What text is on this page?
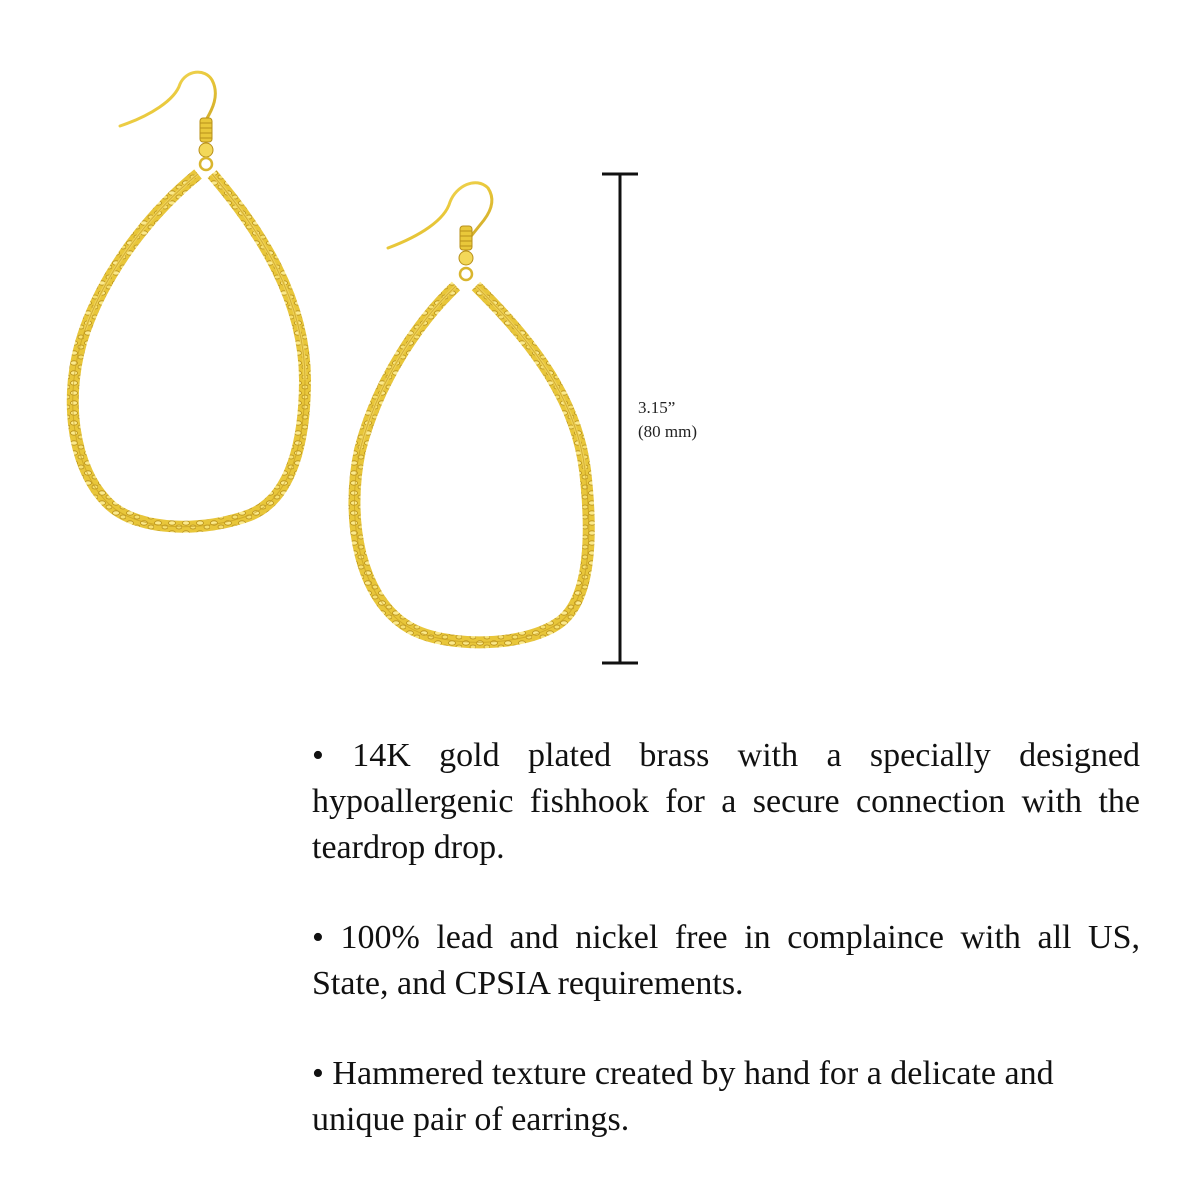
3.15”
(80 mm)

• 14K gold plated brass with a specially designed hypoallergenic fishhook for a secure connection with the teardrop drop.

• 100% lead and nickel free in complaince with all US, State, and CPSIA requirements.

• Hammered texture created by hand for a delicate and unique pair of earrings.
